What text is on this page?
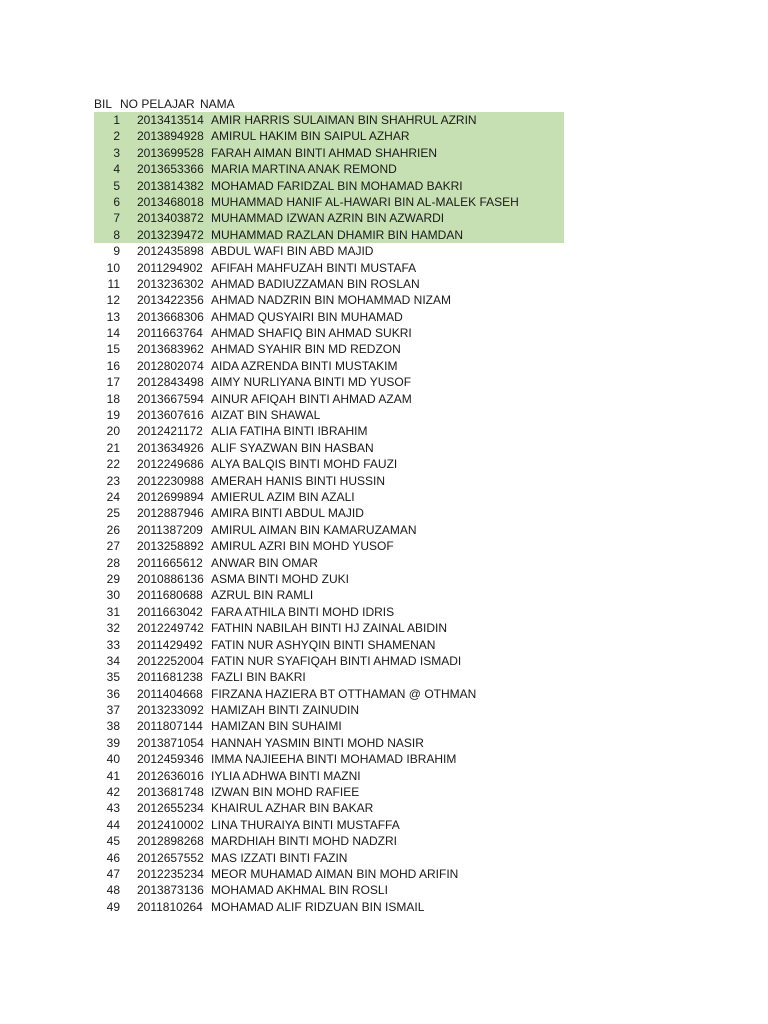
BIL NO PELAJAR NAMA
1	2013413514 AMIR HARRIS SULAIMAN BIN SHAHRUL AZRIN
2	2013894928 AMIRUL HAKIM BIN SAIPUL AZHAR
3	2013699528 FARAH AIMAN BINTI AHMAD SHAHRIEN
4	2013653366 MARIA MARTINA ANAK REMOND
5	2013814382 MOHAMAD FARIDZAL BIN MOHAMAD BAKRI
6	2013468018 MUHAMMAD HANIF AL-HAWARI BIN AL-MALEK FASEH
7	2013403872 MUHAMMAD IZWAN AZRIN BIN AZWARDI
8	2013239472 MUHAMMAD RAZLAN DHAMIR BIN HAMDAN
9	2012435898 ABDUL WAFI BIN ABD MAJID
10	2011294902 AFIFAH MAHFUZAH BINTI MUSTAFA
11	2013236302 AHMAD BADIUZZAMAN BIN ROSLAN
12	2013422356 AHMAD NADZRIN BIN MOHAMMAD NIZAM
13	2013668306 AHMAD QUSYAIRI BIN MUHAMAD
14	2011663764 AHMAD SHAFIQ BIN AHMAD SUKRI
15	2013683962 AHMAD SYAHIR BIN MD REDZON
16	2012802074 AIDA AZRENDA BINTI MUSTAKIM
17	2012843498 AIMY NURLIYANA BINTI MD YUSOF
18	2013667594 AINUR AFIQAH BINTI AHMAD AZAM
19	2013607616 AIZAT BIN SHAWAL
20	2012421172 ALIA FATIHA BINTI IBRAHIM
21	2013634926 ALIF SYAZWAN BIN HASBAN
22	2012249686 ALYA BALQIS BINTI MOHD FAUZI
23	2012230988 AMERAH HANIS BINTI HUSSIN
24	2012699894 AMIERUL AZIM BIN AZALI
25	2012887946 AMIRA BINTI ABDUL MAJID
26	2011387209 AMIRUL AIMAN BIN KAMARUZAMAN
27	2013258892 AMIRUL AZRI BIN MOHD YUSOF
28	2011665612 ANWAR BIN OMAR
29	2010886136 ASMA BINTI MOHD ZUKI
30	2011680688 AZRUL BIN RAMLI
31	2011663042 FARA ATHILA BINTI MOHD IDRIS
32	2012249742 FATHIN NABILAH BINTI HJ ZAINAL ABIDIN
33	2011429492 FATIN NUR ASHYQIN BINTI SHAMENAN
34	2012252004 FATIN NUR SYAFIQAH BINTI AHMAD ISMADI
35	2011681238 FAZLI BIN BAKRI
36	2011404668 FIRZANA HAZIERA BT OTTHAMAN @ OTHMAN
37	2013233092 HAMIZAH BINTI ZAINUDIN
38	2011807144 HAMIZAN BIN SUHAIMI
39	2013871054 HANNAH YASMIN BINTI MOHD NASIR
40	2012459346 IMMA NAJIEEHA BINTI MOHAMAD IBRAHIM
41	2012636016 IYLIA ADHWA BINTI MAZNI
42	2013681748 IZWAN BIN MOHD RAFIEE
43	2012655234 KHAIRUL AZHAR BIN BAKAR
44	2012410002 LINA THURAIYA BINTI MUSTAFFA
45	2012898268 MARDHIAH BINTI MOHD NADZRI
46	2012657552 MAS IZZATI BINTI FAZIN
47	2012235234 MEOR MUHAMAD AIMAN BIN MOHD ARIFIN
48	2013873136 MOHAMAD AKHMAL BIN ROSLI
49	2011810264 MOHAMAD ALIF RIDZUAN BIN ISMAIL
